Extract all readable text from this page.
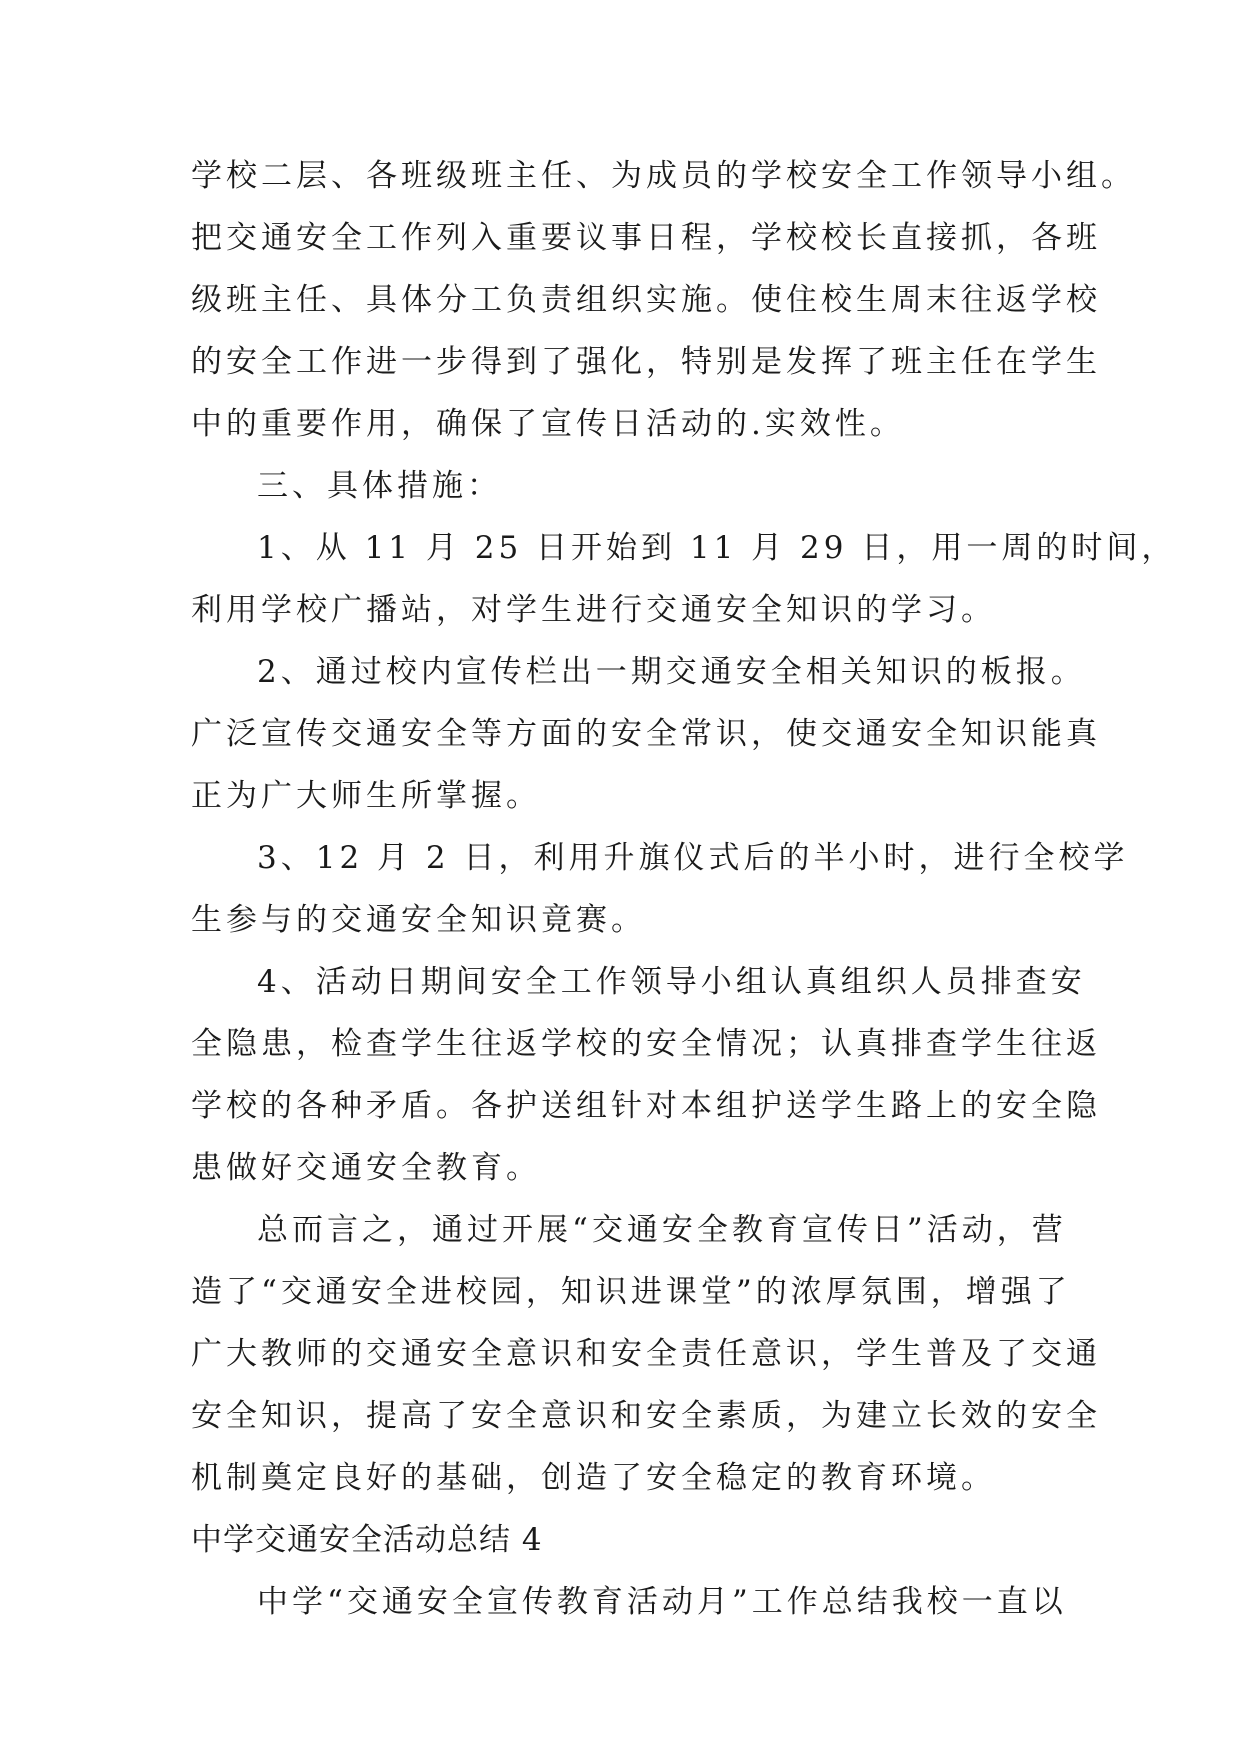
学校二层、各班级班主任、为成员的学校安全工作领导小组。
把交通安全工作列入重要议事日程，学校校长直接抓，各班
级班主任、具体分工负责组织实施。使住校生周末往返学校
的安全工作进一步得到了强化，特别是发挥了班主任在学生
中的重要作用，确保了宣传日活动的.实效性。
三、具体措施：
1、从 11 月 25 日开始到 11 月 29 日，用一周的时间，
利用学校广播站，对学生进行交通安全知识的学习。
2、通过校内宣传栏出一期交通安全相关知识的板报。
广泛宣传交通安全等方面的安全常识，使交通安全知识能真
正为广大师生所掌握。
3、12 月 2 日，利用升旗仪式后的半小时，进行全校学
生参与的交通安全知识竟赛。
4、活动日期间安全工作领导小组认真组织人员排查安
全隐患，检查学生往返学校的安全情况；认真排查学生往返
学校的各种矛盾。各护送组针对本组护送学生路上的安全隐
患做好交通安全教育。
总而言之，通过开展“交通安全教育宣传日”活动，营
造了“交通安全进校园，知识进课堂”的浓厚氛围，增强了
广大教师的交通安全意识和安全责任意识，学生普及了交通
安全知识，提高了安全意识和安全素质，为建立长效的安全
机制奠定良好的基础，创造了安全稳定的教育环境。
中学交通安全活动总结 4
中学“交通安全宣传教育活动月”工作总结我校一直以
